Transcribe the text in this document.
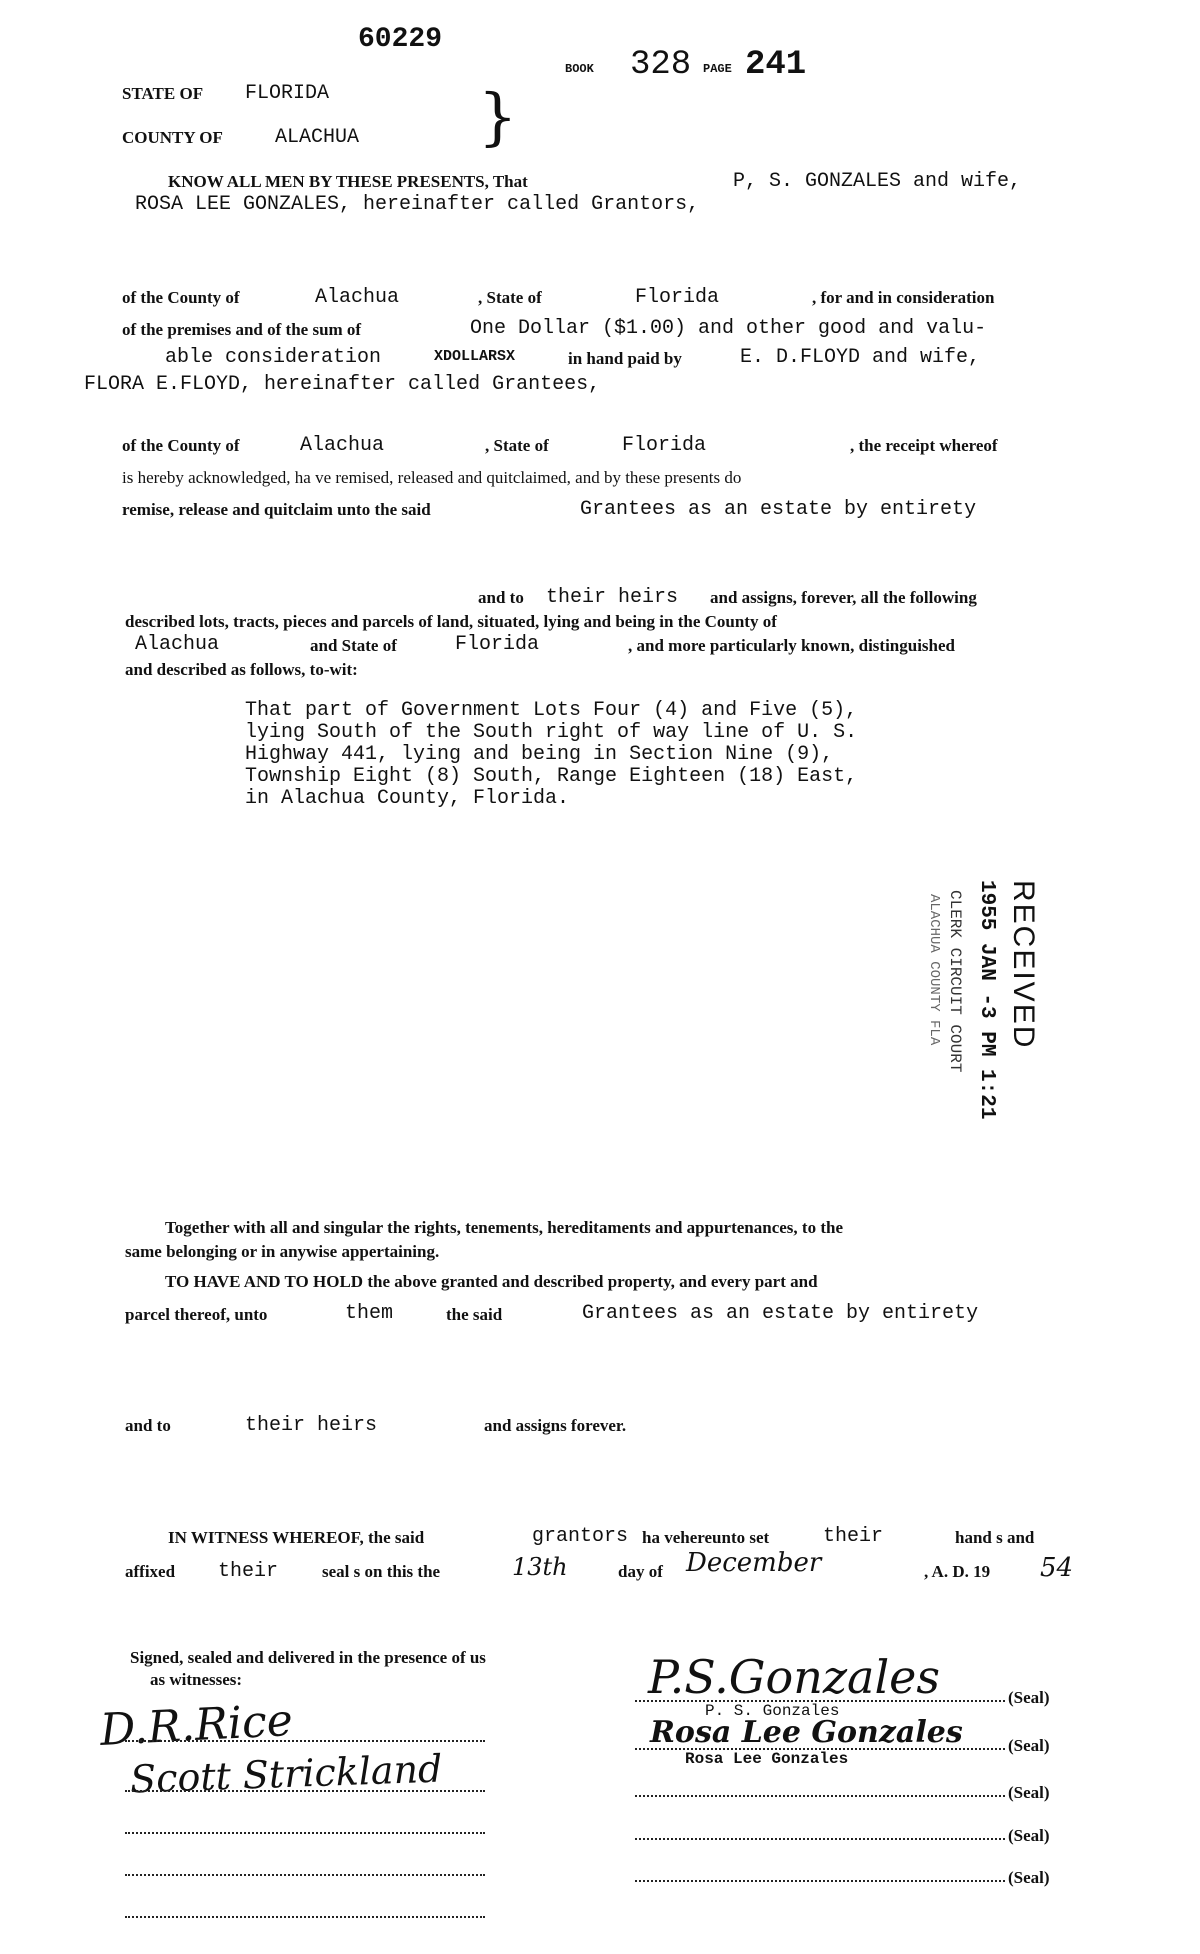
60229
BOOK 328 PAGE 241
STATE OF FLORIDA
COUNTY OF	ALACHUA }
KNOW ALL MEN BY THESE PRESENTS, That	P, S. GONZALES and wife,
ROSA LEE GONZALES, hereinafter called Grantors,
of the County of	Alachua	, State of	Florida	, for and in consideration
of the premises and of the sum of	One Dollar ($1.00) and other good and valu-
able consideration	XDOLLARSX	in hand paid by	E. D.FLOYD and wife,
FLORA E.FLOYD, hereinafter called Grantees,
of the County of	Alachua	, State of	Florida	, the receipt whereof
is hereby acknowledged, ha ve remised, released and quitclaimed, and by these presents do
remise, release and quitclaim unto the said	Grantees as an estate by entirety
and to their heirs and assigns, forever, all the following
described lots, tracts, pieces and parcels of land, situated, lying and being in the County of
Alachua	and State of	Florida	, and more particularly known, distinguished
and described as follows, to-wit:
That part of Government Lots Four (4) and Five (5),
lying South of the South right of way line of U. S.
Highway 441, lying and being in Section Nine (9),
Township Eight (8) South, Range Eighteen (18) East,
in Alachua County, Florida.
RECEIVED
1955 JAN -3 PM 1:21
CLERK CIRCUIT COURT
ALACHUA COUNTY FLA
Together with all and singular the rights, tenements, hereditaments and appurtenances, to the
same belonging or in anywise appertaining.
TO HAVE AND TO HOLD the above granted and described property, and every part and
parcel thereof, unto	them	the said	Grantees as an estate by entirety
and to	their heirs	and assigns forever.
IN WITNESS WHEREOF, the said	grantors ha vehereunto set	their	hand s and
affixed their	seal s on this the	13th	day of December	, A. D. 19 54
Signed, sealed and delivered in the presence of us
as witnesses:
D.R.Rice
Scott Strickland
P.S.Gonzales	(Seal)
P. S. Gonzales
Rosa Lee Gonzales	(Seal)
Rosa Lee Gonzales
(Seal)
(Seal)
(Seal)
